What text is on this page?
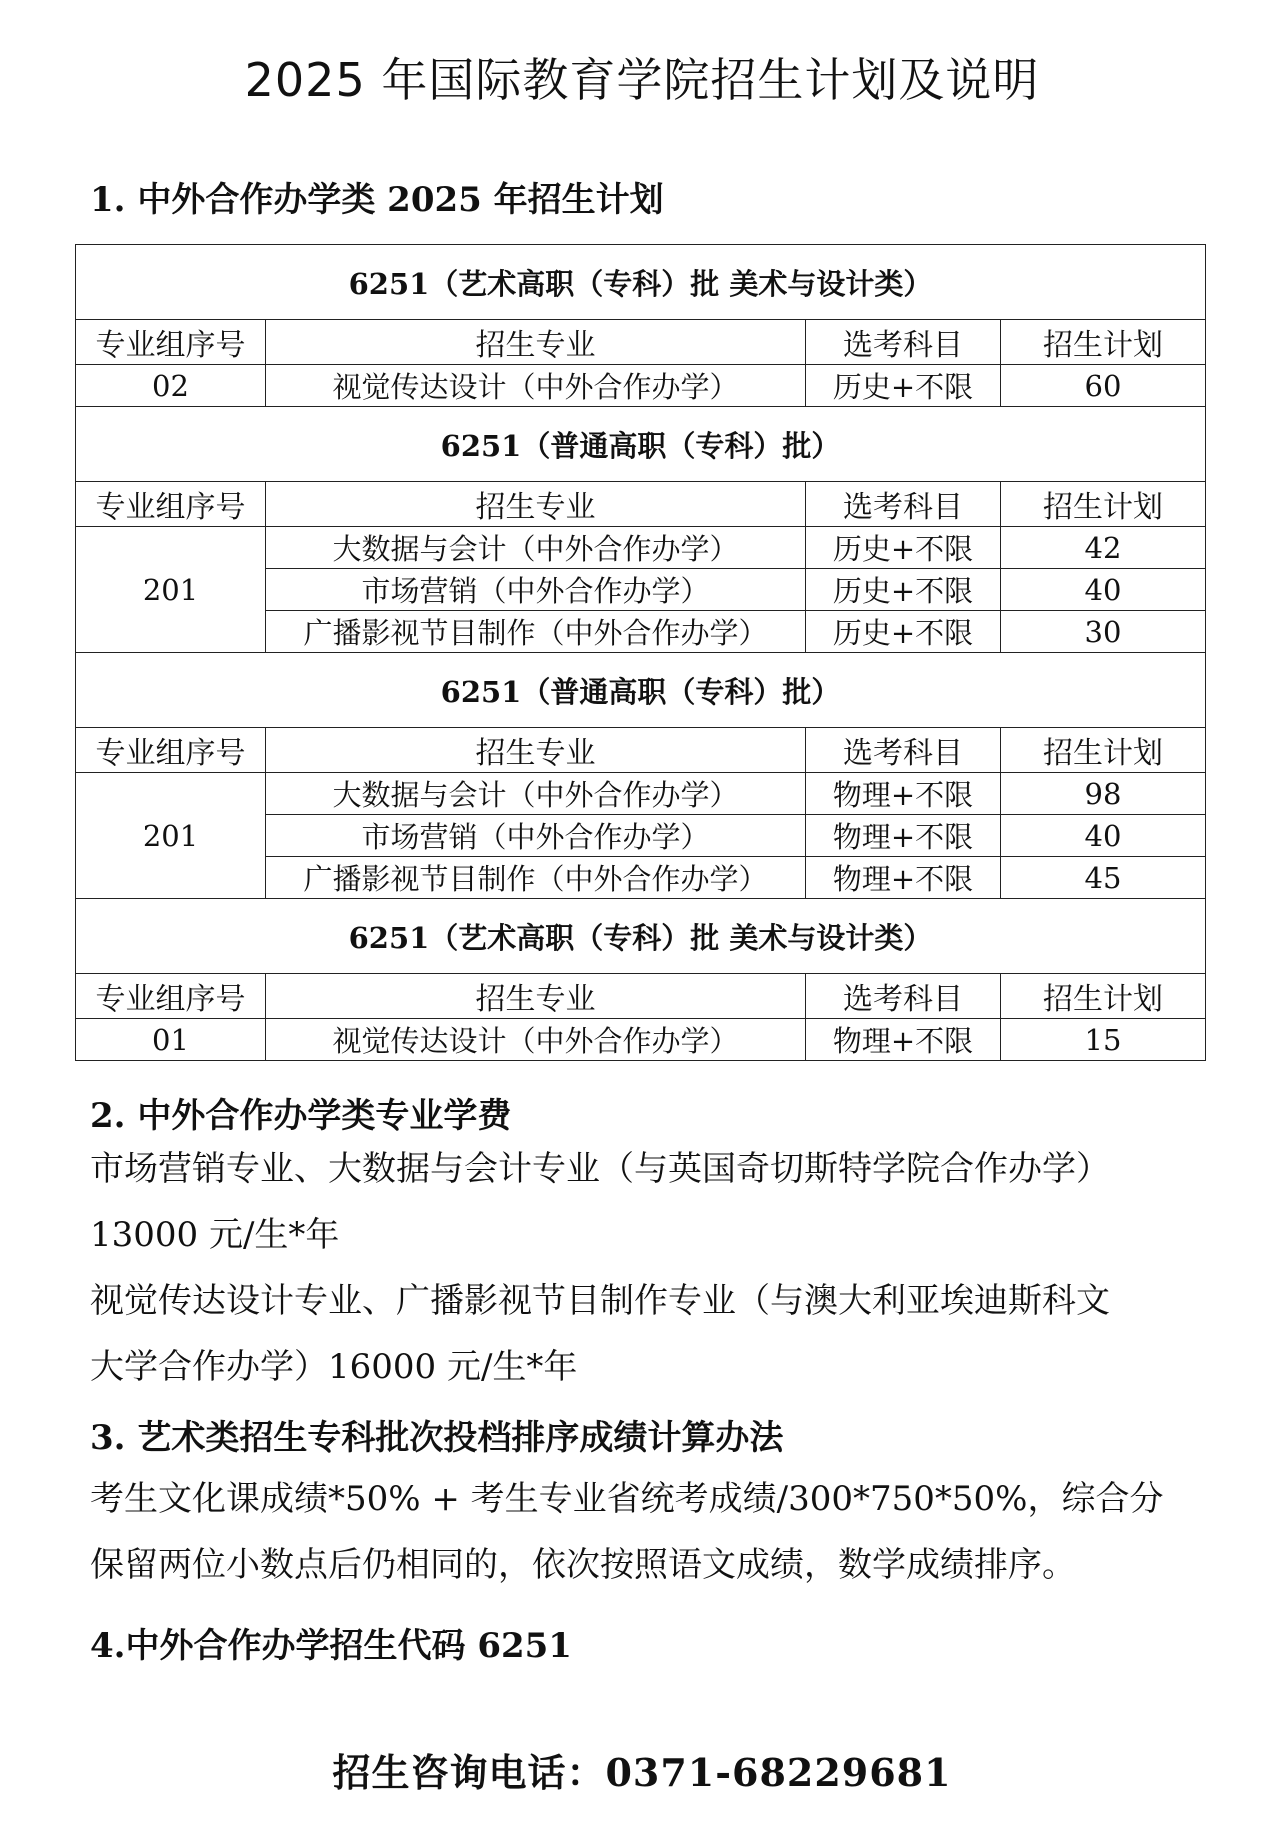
2025 年国际教育学院招生计划及说明
1. 中外合作办学类 2025 年招生计划
6251（艺术高职（专科）批 美术与设计类）			
专业组序号	招生专业	选考科目	招生计划
02	视觉传达设计（中外合作办学）	历史+不限	60
6251（普通高职（专科）批）			
专业组序号	招生专业	选考科目	招生计划
201	大数据与会计（中外合作办学）	历史+不限	42
	市场营销（中外合作办学）	历史+不限	40
	广播影视节目制作（中外合作办学）	历史+不限	30
6251（普通高职（专科）批）			
专业组序号	招生专业	选考科目	招生计划
201	大数据与会计（中外合作办学）	物理+不限	98
	市场营销（中外合作办学）	物理+不限	40
	广播影视节目制作（中外合作办学）	物理+不限	45
6251（艺术高职（专科）批 美术与设计类）			
专业组序号	招生专业	选考科目	招生计划
01	视觉传达设计（中外合作办学）	物理+不限	15
2. 中外合作办学类专业学费
市场营销专业、大数据与会计专业（与英国奇切斯特学院合作办学）
13000 元/生*年
视觉传达设计专业、广播影视节目制作专业（与澳大利亚埃迪斯科文
大学合作办学）16000 元/生*年
3. 艺术类招生专科批次投档排序成绩计算办法
考生文化课成绩*50% + 考生专业省统考成绩/300*750*50%，综合分
保留两位小数点后仍相同的，依次按照语文成绩，数学成绩排序。
4.中外合作办学招生代码 6251
招生咨询电话：0371-68229681
